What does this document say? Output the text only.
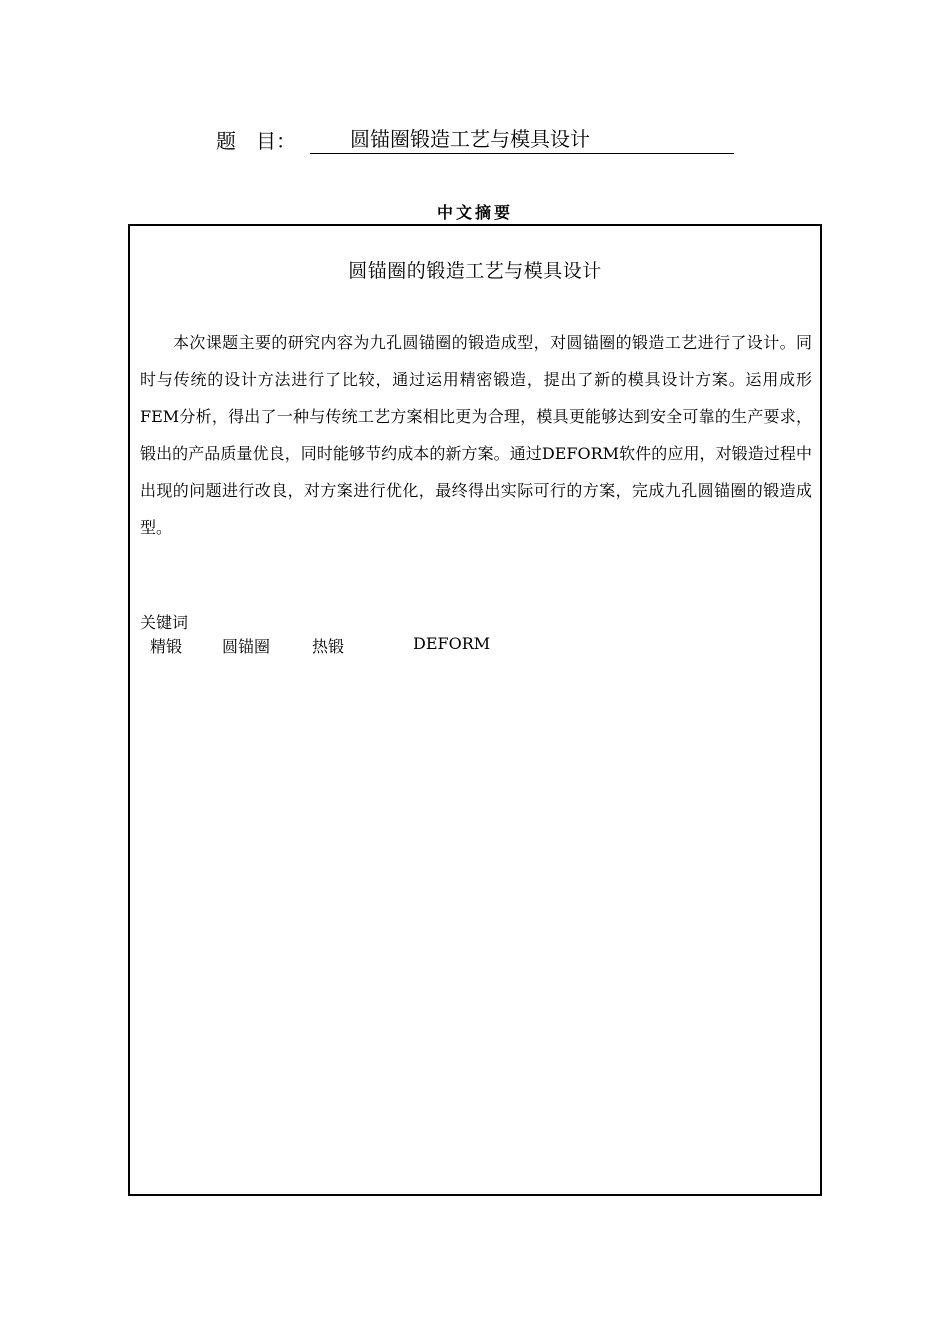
题　目：	圆锚圈锻造工艺与模具设计
中文摘要
圆锚圈的锻造工艺与模具设计

本次课题主要的研究内容为九孔圆锚圈的锻造成型，对圆锚圈的锻造工艺进行了设计。同时与传统的设计方法进行了比较，通过运用精密锻造，提出了新的模具设计方案。运用成形FEM分析，得出了一种与传统工艺方案相比更为合理，模具更能够达到安全可靠的生产要求，锻出的产品质量优良，同时能够节约成本的新方案。通过DEFORM软件的应用，对锻造过程中出现的问题进行改良，对方案进行优化，最终得出实际可行的方案，完成九孔圆锚圈的锻造成型。

关键词
精锻	圆锚圈	热锻	DEFORM
